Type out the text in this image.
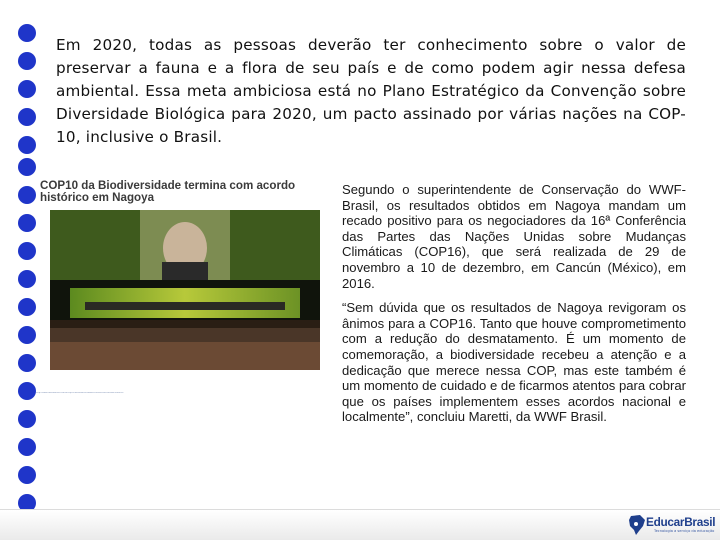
Em 2020, todas as pessoas deverão ter conhecimento sobre o valor de preservar a fauna e a flora de seu país e de como podem agir nessa defesa ambiental. Essa meta ambiciosa está no Plano Estratégico da Convenção sobre Diversidade Biológica para 2020, um pacto assinado por várias nações na COP-10, inclusive o Brasil.
COP10 da Biodiversidade termina com acordo histórico em Nagoya
http://www.educarbrasil.com.br/cop10-da-biodiversidade-termina-com-acordo-historico

Segundo o superintendente de Conservação do WWF-Brasil, os resultados obtidos em Nagoya mandam um recado positivo para os negociadores da 16ª Conferência das Partes das Nações Unidas sobre Mudanças Climáticas (COP16), que será realizada de 29 de novembro a 10 de dezembro, em Cancún (México), em 2016.

“Sem dúvida que os resultados de Nagoya revigoram os ânimos para a COP16. Tanto que houve comprometimento com a redução do desmatamento. É um momento de comemoração, a biodiversidade recebeu a atenção e a dedicação que merece nessa COP, mas este também é um momento de cuidado e de ficarmos atentos para cobrar que os países implementem esses acordos nacional e localmente”, concluiu Maretti, da WWF Brasil.

EducarBrasil
Tecnologia a serviço da educação
